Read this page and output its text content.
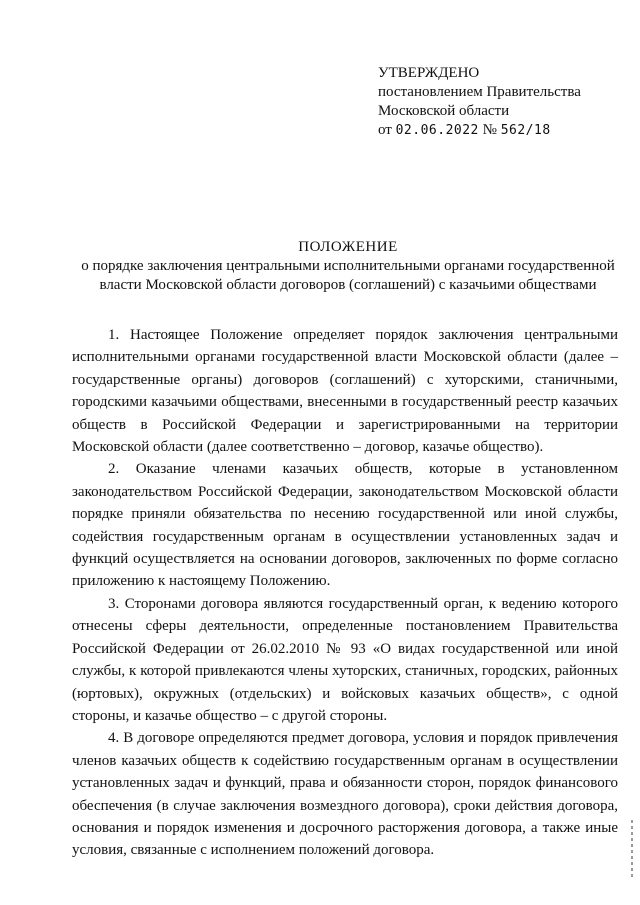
УТВЕРЖДЕНО
постановлением Правительства
Московской области
от 02.06.2022 № 562/18
ПОЛОЖЕНИЕ
о порядке заключения центральными исполнительными органами государственной
власти Московской области договоров (соглашений) с казачьими обществами

1. Настоящее Положение определяет порядок заключения центральными исполнительными органами государственной власти Московской области (далее – государственные органы) договоров (соглашений) с хуторскими, станичными, городскими казачьими обществами, внесенными в государственный реестр казачьих обществ в Российской Федерации и зарегистрированными на территории Московской области (далее соответственно – договор, казачье общество).

2. Оказание членами казачьих обществ, которые в установленном законодательством Российской Федерации, законодательством Московской области порядке приняли обязательства по несению государственной или иной службы, содействия государственным органам в осуществлении установленных задач и функций осуществляется на основании договоров, заключенных по форме согласно приложению к настоящему Положению.

3. Сторонами договора являются государственный орган, к ведению которого отнесены сферы деятельности, определенные постановлением Правительства Российской Федерации от 26.02.2010 № 93 «О видах государственной или иной службы, к которой привлекаются члены хуторских, станичных, городских, районных (юртовых), окружных (отдельских) и войсковых казачьих обществ», с одной стороны, и казачье общество – с другой стороны.

4. В договоре определяются предмет договора, условия и порядок привлечения членов казачьих обществ к содействию государственным органам в осуществлении установленных задач и функций, права и обязанности сторон, порядок финансового обеспечения (в случае заключения возмездного договора), сроки действия договора, основания и порядок изменения и досрочного расторжения договора, а также иные условия, связанные с исполнением положений договора.
